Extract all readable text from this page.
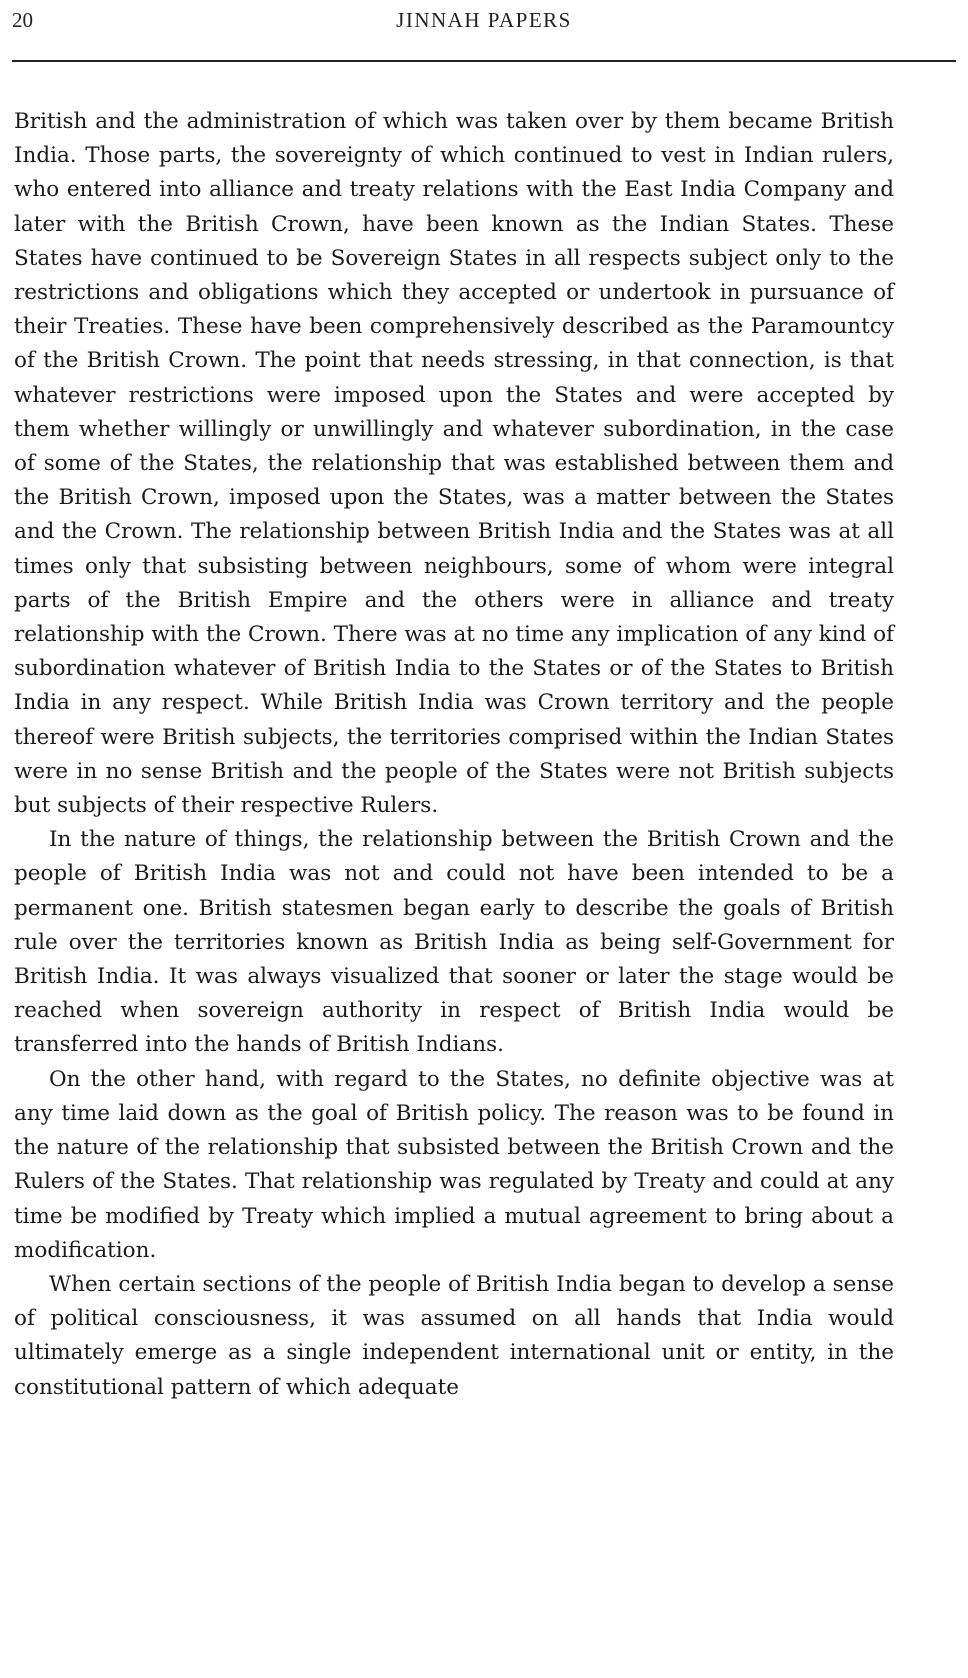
20	JINNAH PAPERS

British and the administration of which was taken over by them became British India. Those parts, the sovereignty of which continued to vest in Indian rulers, who entered into alliance and treaty relations with the East India Company and later with the British Crown, have been known as the Indian States. These States have continued to be Sovereign States in all respects subject only to the restrictions and obligations which they accepted or undertook in pursuance of their Treaties. These have been comprehensively described as the Paramountcy of the British Crown. The point that needs stressing, in that connection, is that whatever restrictions were imposed upon the States and were accepted by them whether willingly or unwillingly and whatever subordination, in the case of some of the States, the relationship that was established between them and the British Crown, imposed upon the States, was a matter between the States and the Crown. The relationship between British India and the States was at all times only that subsisting between neighbours, some of whom were integral parts of the British Empire and the others were in alliance and treaty relationship with the Crown. There was at no time any implication of any kind of subordination whatever of British India to the States or of the States to British India in any respect. While British India was Crown territory and the people thereof were British subjects, the territories comprised within the Indian States were in no sense British and the people of the States were not British subjects but subjects of their respective Rulers.

In the nature of things, the relationship between the British Crown and the people of British India was not and could not have been intended to be a permanent one. British statesmen began early to describe the goals of British rule over the territories known as British India as being self-Government for British India. It was always visualized that sooner or later the stage would be reached when sovereign authority in respect of British India would be transferred into the hands of British Indians.

On the other hand, with regard to the States, no definite objective was at any time laid down as the goal of British policy. The reason was to be found in the nature of the relationship that subsisted between the British Crown and the Rulers of the States. That relationship was regulated by Treaty and could at any time be modified by Treaty which implied a mutual agreement to bring about a modification.

When certain sections of the people of British India began to develop a sense of political consciousness, it was assumed on all hands that India would ultimately emerge as a single independent international unit or entity, in the constitutional pattern of which adequate
